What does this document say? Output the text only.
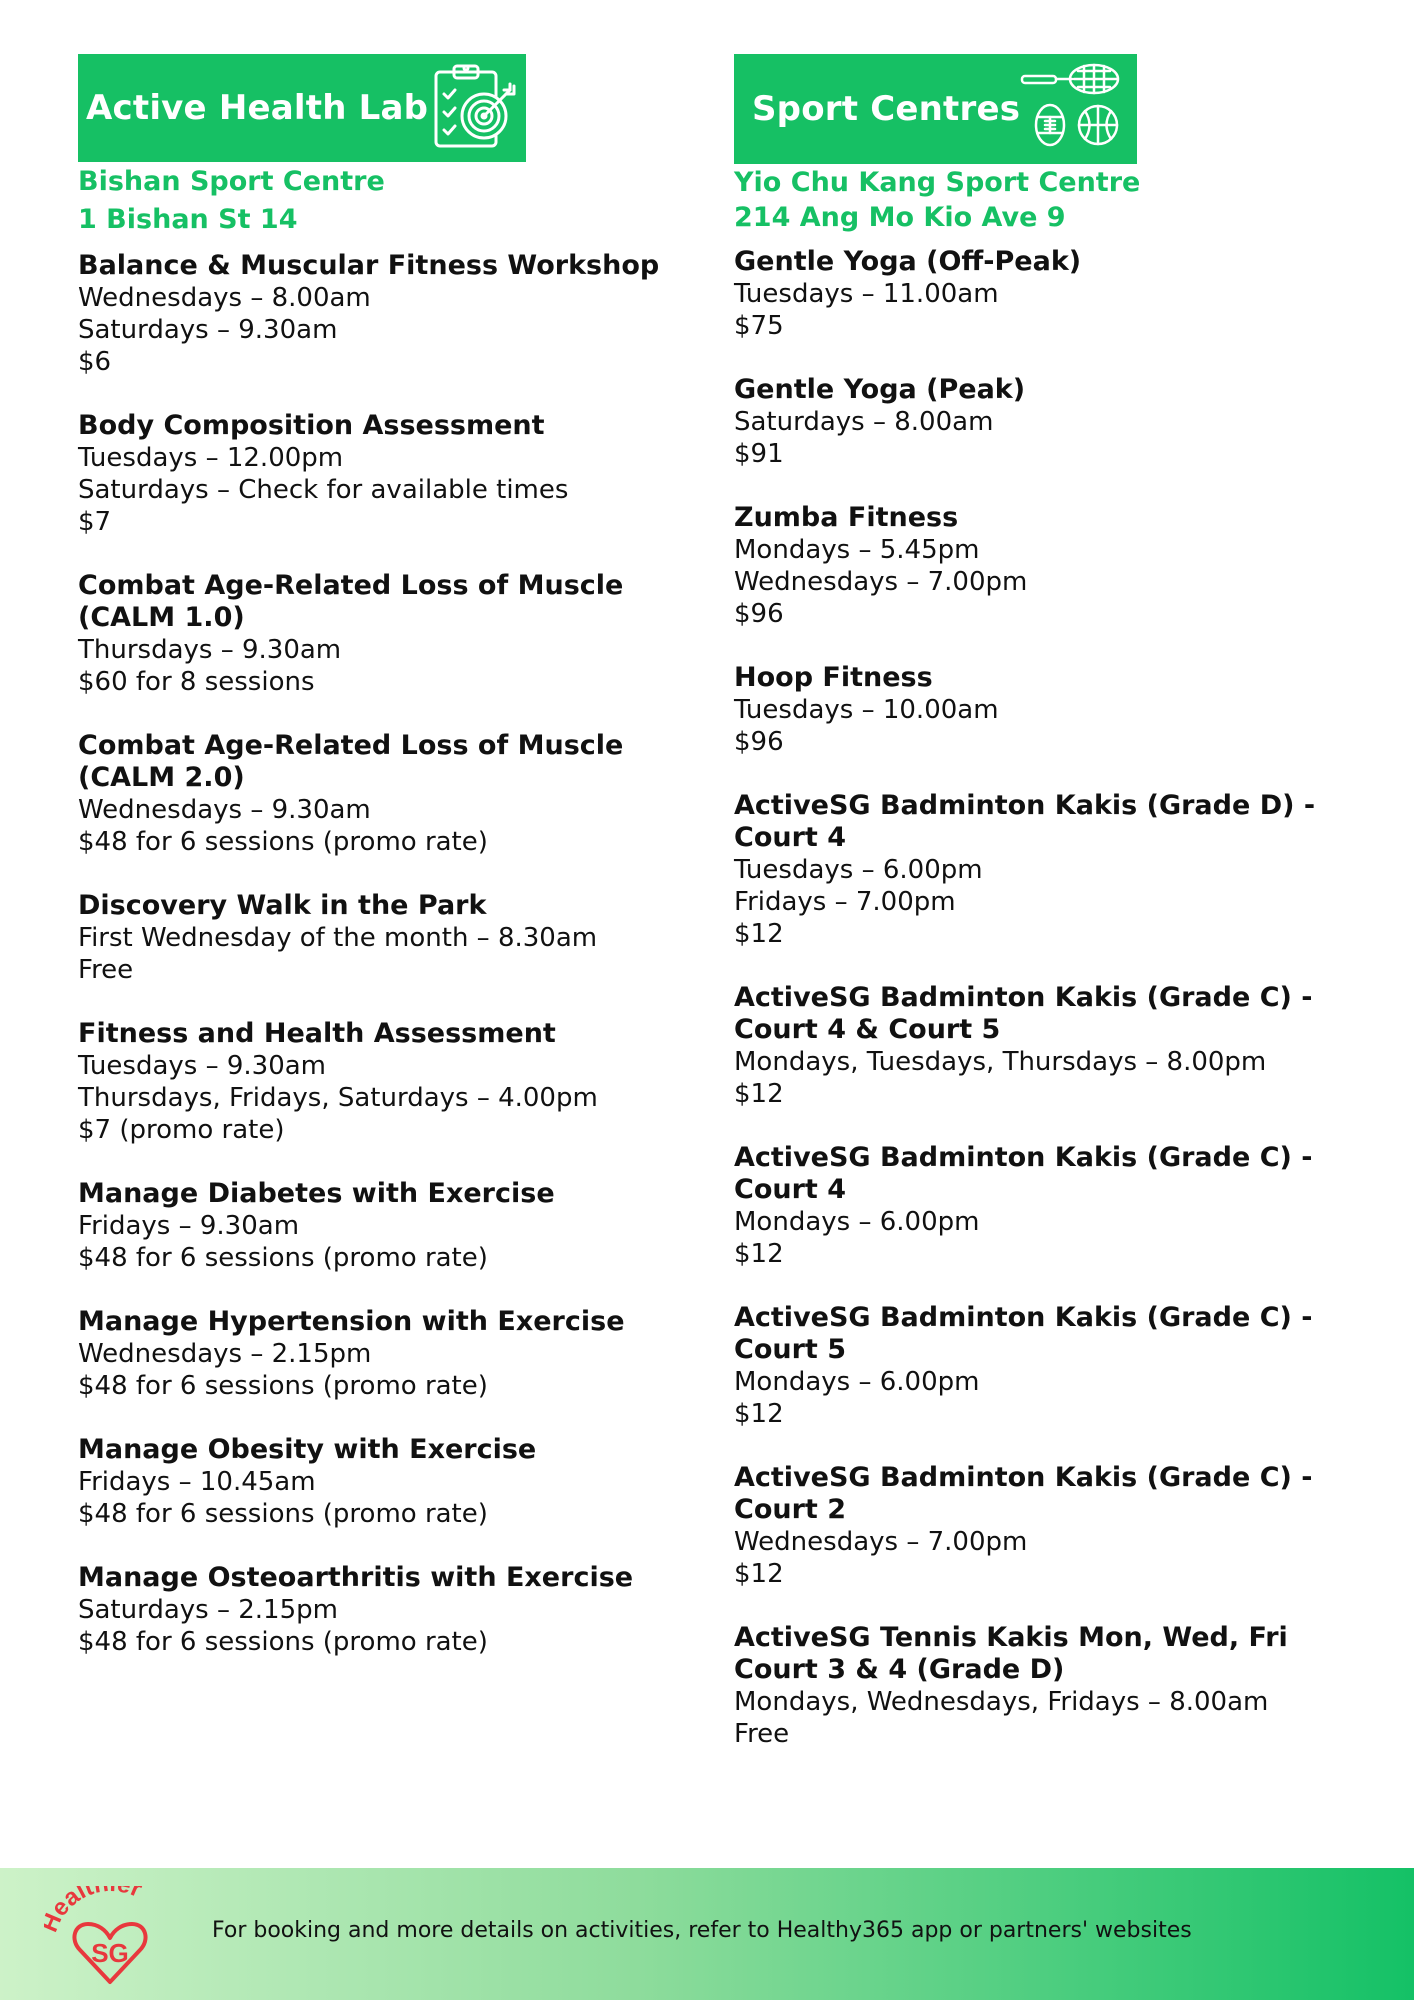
Active Health Lab
Bishan Sport Centre
1 Bishan St 14
Balance & Muscular Fitness Workshop
Wednesdays – 8.00am
Saturdays – 9.30am
$6
Body Composition Assessment
Tuesdays – 12.00pm
Saturdays – Check for available times
$7
Combat Age-Related Loss of Muscle (CALM 1.0)
Thursdays – 9.30am
$60 for 8 sessions
Combat Age-Related Loss of Muscle (CALM 2.0)
Wednesdays – 9.30am
$48 for 6 sessions (promo rate)
Discovery Walk in the Park
First Wednesday of the month – 8.30am
Free
Fitness and Health Assessment
Tuesdays – 9.30am
Thursdays, Fridays, Saturdays – 4.00pm
$7 (promo rate)
Manage Diabetes with Exercise
Fridays – 9.30am
$48 for 6 sessions (promo rate)
Manage Hypertension with Exercise
Wednesdays – 2.15pm
$48 for 6 sessions (promo rate)
Manage Obesity with Exercise
Fridays – 10.45am
$48 for 6 sessions (promo rate)
Manage Osteoarthritis with Exercise
Saturdays – 2.15pm
$48 for 6 sessions (promo rate)
Sport Centres
Yio Chu Kang Sport Centre
214 Ang Mo Kio Ave 9
Gentle Yoga (Off-Peak)
Tuesdays – 11.00am
$75
Gentle Yoga (Peak)
Saturdays – 8.00am
$91
Zumba Fitness
Mondays – 5.45pm
Wednesdays – 7.00pm
$96
Hoop Fitness
Tuesdays – 10.00am
$96
ActiveSG Badminton Kakis (Grade D) - Court 4
Tuesdays – 6.00pm
Fridays – 7.00pm
$12
ActiveSG Badminton Kakis (Grade C) - Court 4 & Court 5
Mondays, Tuesdays, Thursdays – 8.00pm
$12
ActiveSG Badminton Kakis (Grade C) - Court 4
Mondays – 6.00pm
$12
ActiveSG Badminton Kakis (Grade C) - Court 5
Mondays – 6.00pm
$12
ActiveSG Badminton Kakis (Grade C) - Court 2
Wednesdays – 7.00pm
$12
ActiveSG Tennis Kakis Mon, Wed, Fri Court 3 & 4 (Grade D)
Mondays, Wednesdays, Fridays – 8.00am
Free
ealt r
SG
For booking and more details on activities, refer to Healthy365 app or partners' websites
